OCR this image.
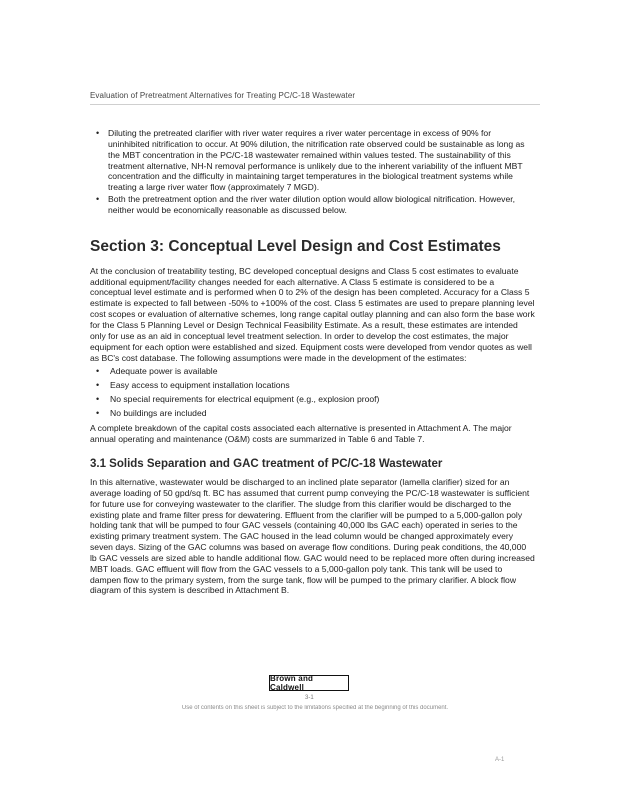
Evaluation of Pretreatment Alternatives for Treating PC/C-18 Wastewater
• Diluting the pretreated clarifier with river water requires a river water percentage in excess of 90% for uninhibited nitrification to occur. At 90% dilution, the nitrification rate observed could be sustainable as long as the MBT concentration in the PC/C-18 wastewater remained within values tested. The sustainability of this treatment alternative, NH-N removal performance is unlikely due to the inherent variability of the influent MBT concentration and the difficulty in maintaining target temperatures in the biological treatment systems while treating a large river water flow (approximately 7 MGD).
• Both the pretreatment option and the river water dilution option would allow biological nitrification. However, neither would be economically reasonable as discussed below.
Section 3: Conceptual Level Design and Cost Estimates

At the conclusion of treatability testing, BC developed conceptual designs and Class 5 cost estimates to evaluate additional equipment/facility changes needed for each alternative. A Class 5 estimate is considered to be a conceptual level estimate and is performed when 0 to 2% of the design has been completed. Accuracy for a Class 5 estimate is expected to fall between -50% to +100% of the cost. Class 5 estimates are used to prepare planning level cost scopes or evaluation of alternative schemes, long range capital outlay planning and can also form the base work for the Class 5 Planning Level or Design Technical Feasibility Estimate. As a result, these estimates are intended only for use as an aid in conceptual level treatment selection. In order to develop the cost estimates, the major equipment for each option were established and sized. Equipment costs were developed from vendor quotes as well as BC's cost database. The following assumptions were made in the development of the estimates:

• Adequate power is available
• Easy access to equipment installation locations
• No special requirements for electrical equipment (e.g., explosion proof)
• No buildings are included

A complete breakdown of the capital costs associated each alternative is presented in Attachment A. The major annual operating and maintenance (O&M) costs are summarized in Table 6 and Table 7.

3.1 Solids Separation and GAC treatment of PC/C-18 Wastewater

In this alternative, wastewater would be discharged to an inclined plate separator (lamella clarifier) sized for an average loading of 50 gpd/sq ft. BC has assumed that current pump conveying the PC/C-18 wastewater is sufficient for future use for conveying wastewater to the clarifier. The sludge from this clarifier would be discharged to the existing plate and frame filter press for dewatering. Effluent from the clarifier will be pumped to a 5,000-gallon poly holding tank that will be pumped to four GAC vessels (containing 40,000 lbs GAC each) operated in series to the existing primary treatment system. The GAC housed in the lead column would be changed approximately every seven days. Sizing of the GAC columns was based on average flow conditions. During peak conditions, the 40,000 lb GAC vessels are sized able to handle additional flow. GAC would need to be replaced more often during increased MBT loads. GAC effluent will flow from the GAC vessels to a 5,000-gallon poly tank. This tank will be used to dampen flow to the primary system, from the surge tank, flow will be pumped to the primary clarifier. A block flow diagram of this system is described in Attachment B.

Brown and Caldwell
3-1
Use of contents on this sheet is subject to the limitations specified at the beginning of this document.
A-1
